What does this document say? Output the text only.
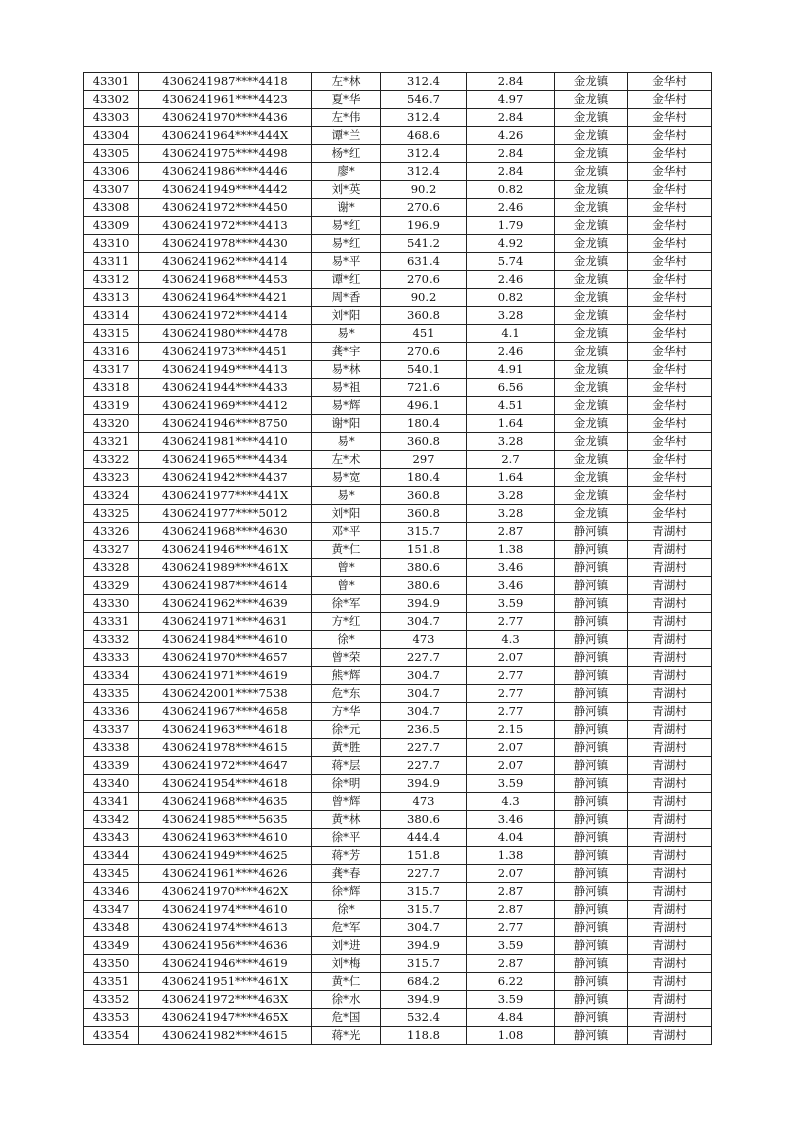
43301	4306241987****4418	左*林	312.4	2.84	金龙镇	金华村
43302	4306241961****4423	夏*华	546.7	4.97	金龙镇	金华村
43303	4306241970****4436	左*伟	312.4	2.84	金龙镇	金华村
43304	4306241964****444X	谭*兰	468.6	4.26	金龙镇	金华村
43305	4306241975****4498	杨*红	312.4	2.84	金龙镇	金华村
43306	4306241986****4446	廖*	312.4	2.84	金龙镇	金华村
43307	4306241949****4442	刘*英	90.2	0.82	金龙镇	金华村
43308	4306241972****4450	谢*	270.6	2.46	金龙镇	金华村
43309	4306241972****4413	易*红	196.9	1.79	金龙镇	金华村
43310	4306241978****4430	易*红	541.2	4.92	金龙镇	金华村
43311	4306241962****4414	易*平	631.4	5.74	金龙镇	金华村
43312	4306241968****4453	谭*红	270.6	2.46	金龙镇	金华村
43313	4306241964****4421	周*香	90.2	0.82	金龙镇	金华村
43314	4306241972****4414	刘*阳	360.8	3.28	金龙镇	金华村
43315	4306241980****4478	易*	451	4.1	金龙镇	金华村
43316	4306241973****4451	龚*宇	270.6	2.46	金龙镇	金华村
43317	4306241949****4413	易*林	540.1	4.91	金龙镇	金华村
43318	4306241944****4433	易*祖	721.6	6.56	金龙镇	金华村
43319	4306241969****4412	易*辉	496.1	4.51	金龙镇	金华村
43320	4306241946****8750	谢*阳	180.4	1.64	金龙镇	金华村
43321	4306241981****4410	易*	360.8	3.28	金龙镇	金华村
43322	4306241965****4434	左*术	297	2.7	金龙镇	金华村
43323	4306241942****4437	易*宽	180.4	1.64	金龙镇	金华村
43324	4306241977****441X	易*	360.8	3.28	金龙镇	金华村
43325	4306241977****5012	刘*阳	360.8	3.28	金龙镇	金华村
43326	4306241968****4630	邓*平	315.7	2.87	静河镇	青湖村
43327	4306241946****461X	黄*仁	151.8	1.38	静河镇	青湖村
43328	4306241989****461X	曾*	380.6	3.46	静河镇	青湖村
43329	4306241987****4614	曾*	380.6	3.46	静河镇	青湖村
43330	4306241962****4639	徐*军	394.9	3.59	静河镇	青湖村
43331	4306241971****4631	方*红	304.7	2.77	静河镇	青湖村
43332	4306241984****4610	徐*	473	4.3	静河镇	青湖村
43333	4306241970****4657	曾*荣	227.7	2.07	静河镇	青湖村
43334	4306241971****4619	熊*辉	304.7	2.77	静河镇	青湖村
43335	4306242001****7538	危*东	304.7	2.77	静河镇	青湖村
43336	4306241967****4658	方*华	304.7	2.77	静河镇	青湖村
43337	4306241963****4618	徐*元	236.5	2.15	静河镇	青湖村
43338	4306241978****4615	黄*胜	227.7	2.07	静河镇	青湖村
43339	4306241972****4647	蒋*层	227.7	2.07	静河镇	青湖村
43340	4306241954****4618	徐*明	394.9	3.59	静河镇	青湖村
43341	4306241968****4635	曾*辉	473	4.3	静河镇	青湖村
43342	4306241985****5635	黄*林	380.6	3.46	静河镇	青湖村
43343	4306241963****4610	徐*平	444.4	4.04	静河镇	青湖村
43344	4306241949****4625	蒋*芳	151.8	1.38	静河镇	青湖村
43345	4306241961****4626	龚*春	227.7	2.07	静河镇	青湖村
43346	4306241970****462X	徐*辉	315.7	2.87	静河镇	青湖村
43347	4306241974****4610	徐*	315.7	2.87	静河镇	青湖村
43348	4306241974****4613	危*军	304.7	2.77	静河镇	青湖村
43349	4306241956****4636	刘*进	394.9	3.59	静河镇	青湖村
43350	4306241946****4619	刘*梅	315.7	2.87	静河镇	青湖村
43351	4306241951****461X	黄*仁	684.2	6.22	静河镇	青湖村
43352	4306241972****463X	徐*水	394.9	3.59	静河镇	青湖村
43353	4306241947****465X	危*国	532.4	4.84	静河镇	青湖村
43354	4306241982****4615	蒋*光	118.8	1.08	静河镇	青湖村
